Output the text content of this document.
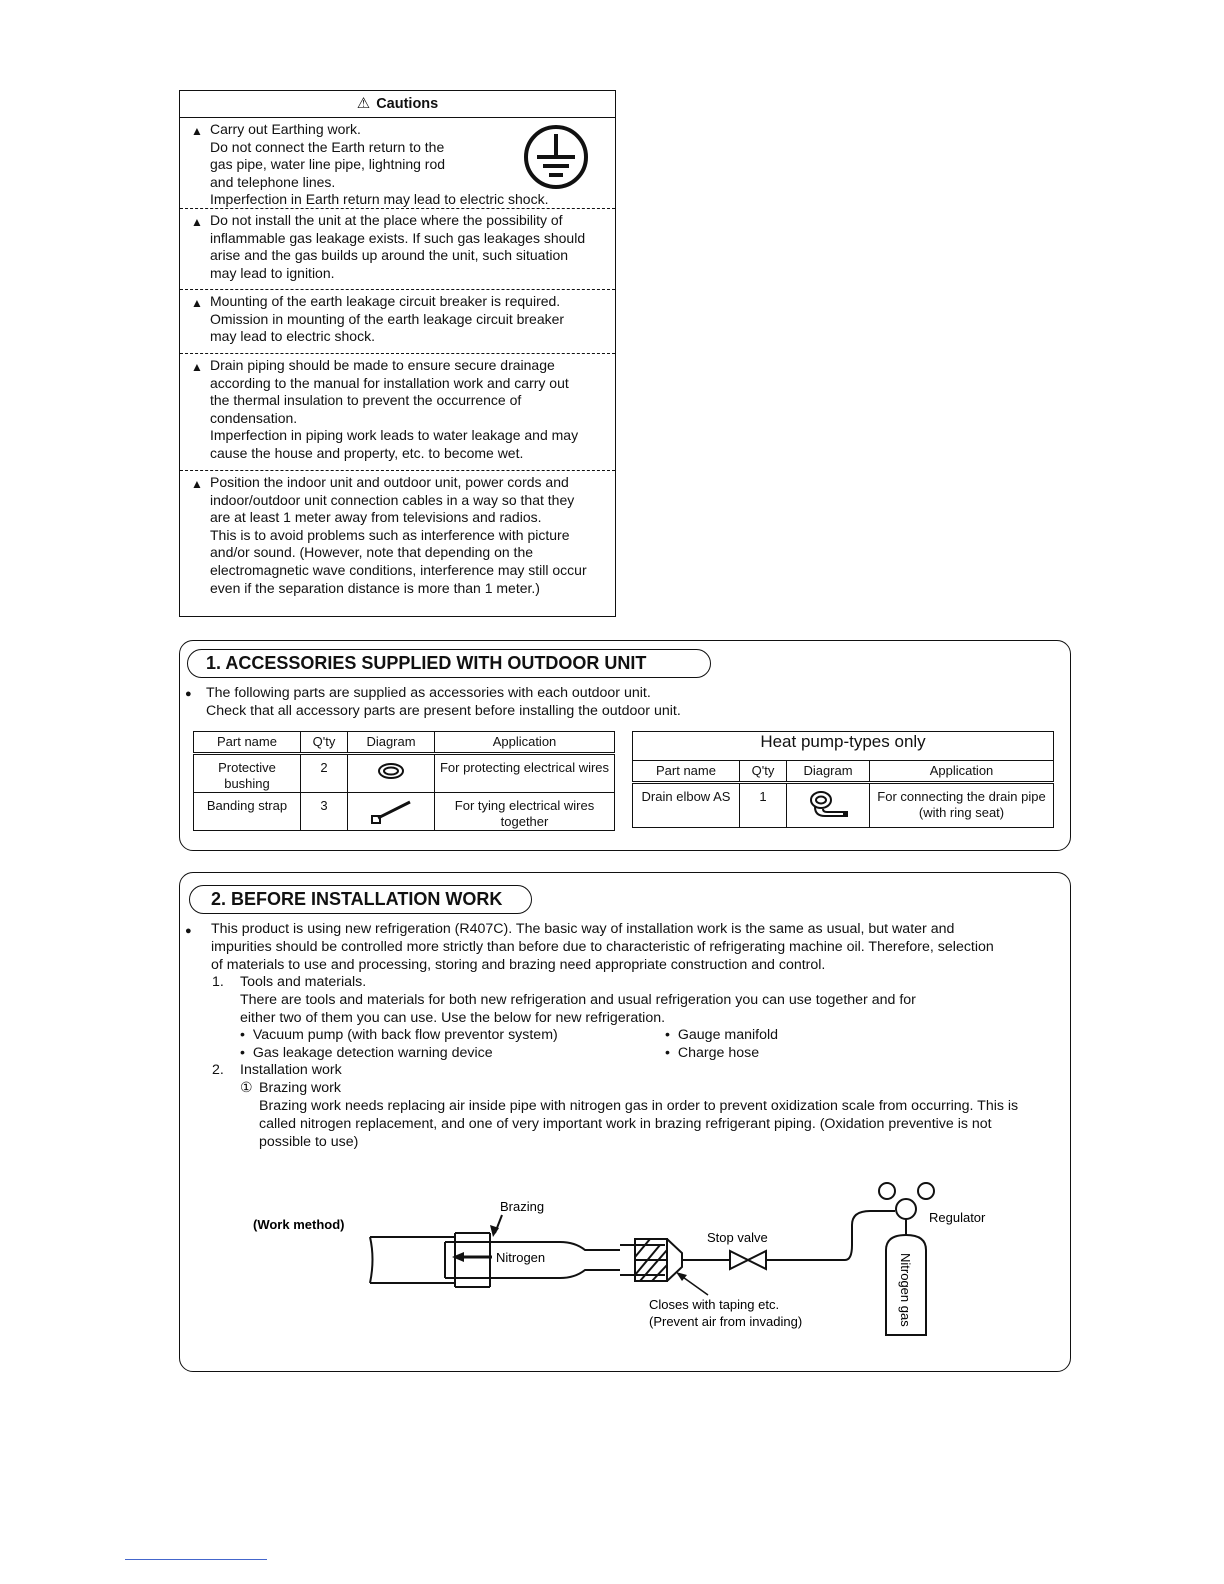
⚠ Cautions
▲ Carry out Earthing work.
Do not connect the Earth return to the
gas pipe, water line pipe, lightning rod
and telephone lines.
Imperfection in Earth return may lead to electric shock.
▲ Do not install the unit at the place where the possibility of
inflammable gas leakage exists. If such gas leakages should
arise and the gas builds up around the unit, such situation
may lead to ignition.
▲ Mounting of the earth leakage circuit breaker is required.
Omission in mounting of the earth leakage circuit breaker
may lead to electric shock.
▲ Drain piping should be made to ensure secure drainage
according to the manual for installation work and carry out
the thermal insulation to prevent the occurrence of
condensation.
Imperfection in piping work leads to water leakage and may
cause the house and property, etc. to become wet.
▲ Position the indoor unit and outdoor unit, power cords and
indoor/outdoor unit connection cables in a way so that they
are at least 1 meter away from televisions and radios.
This is to avoid problems such as interference with picture
and/or sound. (However, note that depending on the
electromagnetic wave conditions, interference may still occur
even if the separation distance is more than 1 meter.)
1. ACCESSORIES SUPPLIED WITH OUTDOOR UNIT
● The following parts are supplied as accessories with each outdoor unit.
Check that all accessory parts are present before installing the outdoor unit.
Part name	Q'ty	Diagram	Application
Protective bushing	2		For protecting electrical wires
Banding strap	3		For tying electrical wires together
Heat pump-types only			
Part name	Q'ty	Diagram	Application
Drain elbow AS	1		For connecting the drain pipe (with ring seat)
2. BEFORE INSTALLATION WORK
● This product is using new refrigeration (R407C). The basic way of installation work is the same as usual, but water and
impurities should be controlled more strictly than before due to characteristic of refrigerating machine oil. Therefore, selection
of materials to use and processing, storing and brazing need appropriate construction and control.
1. Tools and materials.
There are tools and materials for both new refrigeration and usual refrigeration you can use together and for
either two of them you can use. Use the below for new refrigeration.
•  Vacuum pump (with back flow preventor system)	•  Gauge manifold
•  Gas leakage detection warning device	•  Charge hose
2. Installation work
① Brazing work
Brazing work needs replacing air inside pipe with nitrogen gas in order to prevent oxidization scale from occurring. This is
called nitrogen replacement, and one of very important work in brazing refrigerant piping. (Oxidation preventive is not
possible to use)
(Work method)
Brazing
Nitrogen
Stop valve
Regulator
Closes with taping etc.
(Prevent air from invading)	Nitrogen gas
